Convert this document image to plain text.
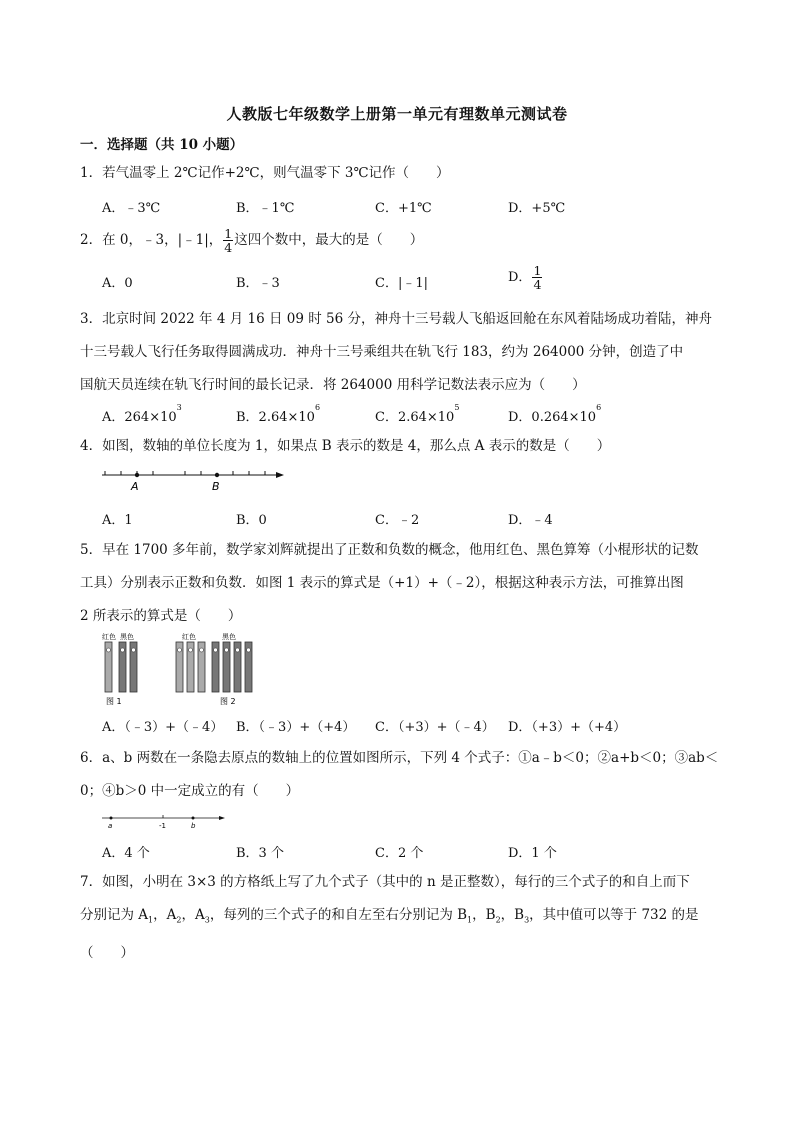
人教版七年级数学上册第一单元有理数单元测试卷
一．选择题（共 10 小题）
1．若气温零上 2℃记作+2℃，则气温零下 3℃记作（　　）
A．﹣3℃	B．﹣1℃	C．+1℃	D．+5℃
2．在 0，﹣3，|﹣1|， $\frac{1}{4}$ 这四个数中，最大的是（　　）
A．0	B．﹣3	C．|﹣1|	D． $\frac{1}{4}$
3．北京时间 2022 年 4 月 16 日 09 时 56 分，神舟十三号载人飞船返回舱在东风着陆场成功着陆，神舟
十三号载人飞行任务取得圆满成功．神舟十三号乘组共在轨飞行 183，约为 264000 分钟，创造了中
国航天员连续在轨飞行时间的最长记录．将 264000 用科学记数法表示应为（　　）
A．$264\times 10^3$
B．$2.64\times 10^6$
C．$2.64\times 10^5$
D．$0.264\times 10^6$
4．如图，数轴的单位长度为 1，如果点 B 表示的数是 4，那么点 A 表示的数是（　　）
A	B
A．1	B．0	C．﹣2	D．﹣4
5．早在 1700 多年前，数学家刘辉就提出了正数和负数的概念，他用红色、黑色算筹（小棍形状的记数
工具）分别表示正数和负数．如图 1 表示的算式是（+1）+（﹣2），根据这种表示方法，可推算出图
2 所表示的算式是（　　）
红色 黑色	红色	黑色
图 1	图 2
A．（﹣3）+（﹣4） B．（﹣3）+（+4） C．（+3）+（﹣4） D．（+3）+（+4）
6．a、b 两数在一条隐去原点的数轴上的位置如图所示，下列 4 个式子：①a﹣b＜0；②a+b＜0；③ab＜
0；④b＞0 中一定成立的有（　　）
a	-1	b
A．4 个	B．3 个	C．2 个	D．1 个
7．如图，小明在 3×3 的方格纸上写了九个式子（其中的 n 是正整数），每行的三个式子的和自上而下
分别记为 $A_1$，$A_2$，$A_3$，每列的三个式子的和自左至右分别记为 $B_1$，$B_2$，$B_3$，其中值可以等于 732 的是
（　　）
